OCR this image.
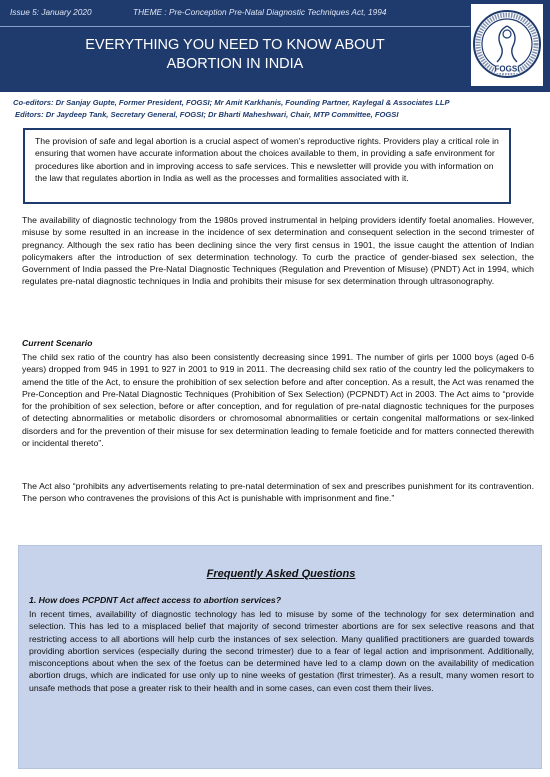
Issue 5: January 2020	THEME : Pre-Conception Pre-Natal Diagnostic Techniques Act, 1994
EVERYTHING YOU NEED TO KNOW ABOUT
ABORTION IN INDIA	FOGSI
Co-editors: Dr Sanjay Gupte, Former President, FOGSI; Mr Amit Karkhanis, Founding Partner, Kaylegal & Associates LLP
Editors: Dr Jaydeep Tank, Secretary General, FOGSI; Dr Bharti Maheshwari, Chair, MTP Committee, FOGSI
The provision of safe and legal abortion is a crucial aspect of women’s reproductive rights. Providers play a critical role in ensuring that women have accurate information about the choices available to them, in providing a safe environment for procedures like abortion and in improving access to safe services. This e newsletter will provide you with information on the law that regulates abortion in India as well as the processes and formalities associated with it.
The availability of diagnostic technology from the 1980s proved instrumental in helping providers identify foetal anomalies. However, misuse by some resulted in an increase in the incidence of sex determination and consequent selection in the second trimester of pregnancy. Although the sex ratio has been declining since the very first census in 1901, the issue caught the attention of Indian policymakers after the introduction of sex determination technology. To curb the practice of gender-biased sex selection, the Government of India passed the Pre-Natal Diagnostic Techniques (Regulation and Prevention of Misuse) (PNDT) Act in 1994, which regulates pre-natal diagnostic techniques in India and prohibits their misuse for sex determination through ultrasonography.
Current Scenario
The child sex ratio of the country has also been consistently decreasing since 1991. The number of girls per 1000 boys (aged 0-6 years) dropped from 945 in 1991 to 927 in 2001 to 919 in 2011. The decreasing child sex ratio of the country led the policymakers to amend the title of the Act, to ensure the prohibition of sex selection before and after conception. As a result, the Act was renamed the Pre-Conception and Pre-Natal Diagnostic Techniques (Prohibition of Sex Selection) (PCPNDT) Act in 2003. The Act aims to “provide for the prohibition of sex selection, before or after conception, and for regulation of pre-natal diagnostic techniques for the purposes of detecting abnormalities or metabolic disorders or chromosomal abnormalities or certain congenital malformations or sex-linked disorders and for the prevention of their misuse for sex determination leading to female foeticide and for matters connected therewith or incidental thereto”.
The Act also “prohibits any advertisements relating to pre-natal determination of sex and prescribes punishment for its contravention. The person who contravenes the provisions of this Act is punishable with imprisonment and fine.”
Frequently Asked Questions
1. How does PCPDNT Act affect access to abortion services?
In recent times, availability of diagnostic technology has led to misuse by some of the technology for sex determination and selection. This has led to a misplaced belief that majority of second trimester abortions are for sex selective reasons and that restricting access to all abortions will help curb the instances of sex selection. Many qualified practitioners are guarded towards providing abortion services (especially during the second trimester) due to a fear of legal action and imprisonment. Additionally, misconceptions about when the sex of the foetus can be determined have led to a clamp down on the availability of medication abortion drugs, which are indicated for use only up to nine weeks of gestation (first trimester). As a result, many women resort to unsafe methods that pose a greater risk to their health and in some cases, can even cost them their lives.
